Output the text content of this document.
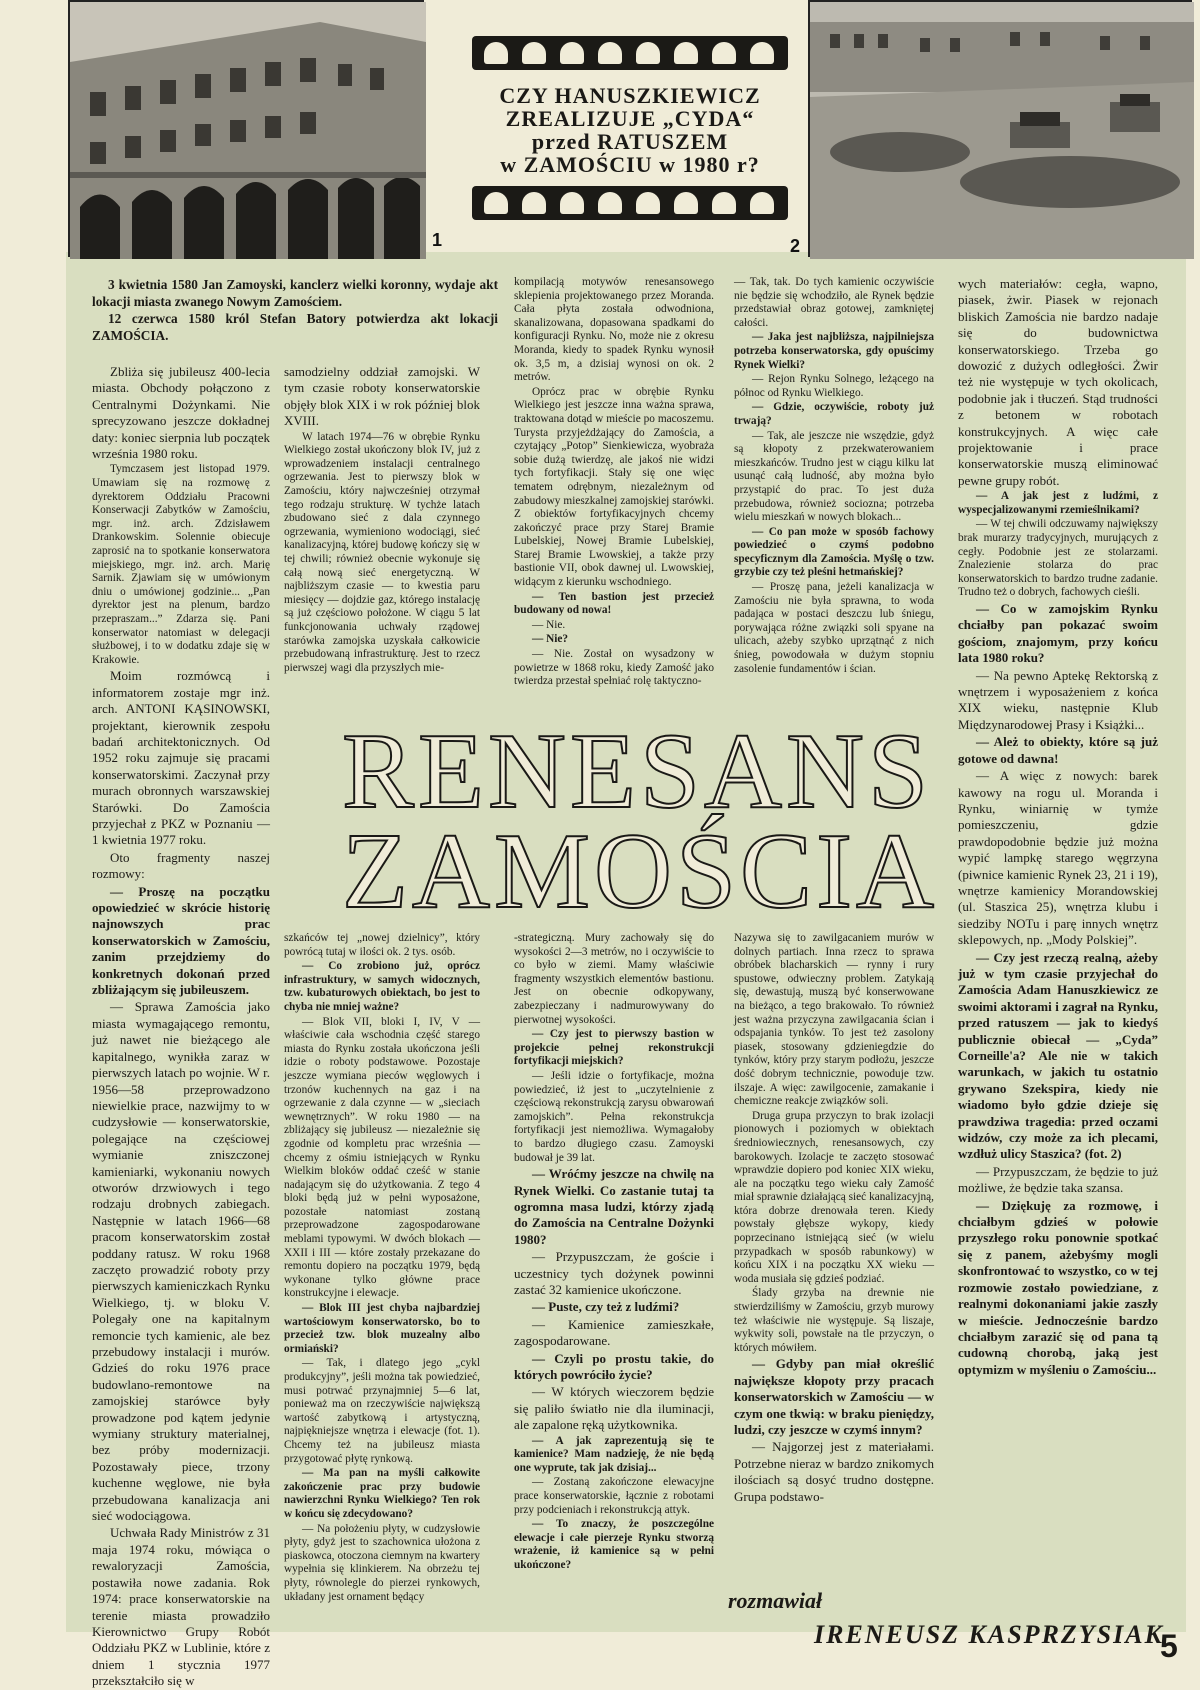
1	2
CZY HANUSZKIEWICZ
ZREALIZUJE „CYDA“
przed RATUSZEM
w ZAMOŚCIU w 1980 r?

3 kwietnia 1580 Jan Zamoyski, kanclerz wielki koronny, wydaje akt lokacji miasta zwanego Nowym Zamościem.

12 czerwca 1580 król Stefan Batory potwierdza akt lokacji ZAMOŚCIA.

Zbliża się jubileusz 400-lecia miasta. Obchody połączono z Centralnymi Dożynkami. Nie sprecyzowano jeszcze dokładnej daty: koniec sierpnia lub początek września 1980 roku.

Tymczasem jest listopad 1979. Umawiam się na rozmowę z dyrektorem Oddziału Pracowni Konserwacji Zabytków w Zamościu, mgr. inż. arch. Zdzisławem Drankowskim. Solennie obiecuje zaprosić na to spotkanie konserwatora miejskiego, mgr. inż. arch. Marię Sarnik. Zjawiam się w umówionym dniu o umówionej godzinie... „Pan dyrektor jest na plenum, bardzo przepraszam...” Zdarza się. Pani konserwator natomiast w delegacji służbowej, i to w dodatku zdaje się w Krakowie.

Moim rozmówcą i informatorem zostaje mgr inż. arch. ANTONI KĄSINOWSKI, projektant, kierownik zespołu badań architektonicznych. Od 1952 roku zajmuje się pracami konserwatorskimi. Zaczynał przy murach obronnych warszawskiej Starówki. Do Zamościa przyjechał z PKZ w Poznaniu — 1 kwietnia 1977 roku.

Oto fragmenty naszej rozmowy:

— Proszę na początku opowiedzieć w skrócie historię najnowszych prac konserwatorskich w Zamościu, zanim przejdziemy do konkretnych dokonań przed zbliżającym się jubileuszem.

— Sprawa Zamościa jako miasta wymagającego remontu, już nawet nie bieżącego ale kapitalnego, wynikła zaraz w pierwszych latach po wojnie. W r. 1956—58 przeprowadzono niewielkie prace, nazwijmy to w cudzysłowie — konserwatorskie, polegające na częściowej wymianie zniszczonej kamieniarki, wykonaniu nowych otworów drzwiowych i tego rodzaju drobnych zabiegach. Następnie w latach 1966—68 pracom konserwatorskim został poddany ratusz. W roku 1968 zaczęto prowadzić roboty przy pierwszych kamieniczkach Rynku Wielkiego, tj. w bloku V. Polegały one na kapitalnym remoncie tych kamienic, ale bez przebudowy instalacji i murów. Gdzieś do roku 1976 prace budowlano-remontowe na zamojskiej starówce były prowadzone pod kątem jedynie wymiany struktury materialnej, bez próby modernizacji. Pozostawały piece, trzony kuchenne węglowe, nie była przebudowana kanalizacja ani sieć wodociągowa.

Uchwała Rady Ministrów z 31 maja 1974 roku, mówiąca o rewaloryzacji Zamościa, postawiła nowe zadania. Rok 1974: prace konserwatorskie na terenie miasta prowadziło Kierownictwo Grupy Robót Oddziału PKZ w Lublinie, które z dniem 1 stycznia 1977 przekształciło się w

samodzielny oddział zamojski. W tym czasie roboty konserwatorskie objęły blok XIX i w rok później blok XVIII.

W latach 1974—76 w obrębie Rynku Wielkiego został ukończony blok IV, już z wprowadzeniem instalacji centralnego ogrzewania. Jest to pierwszy blok w Zamościu, który najwcześniej otrzymał tego rodzaju strukturę. W tychże latach zbudowano sieć z dala czynnego ogrzewania, wymieniono wodociągi, sieć kanalizacyjną, której budowę kończy się w tej chwili; również obecnie wykonuje się całą nową sieć energetyczną. W najbliższym czasie — to kwestia paru miesięcy — dojdzie gaz, którego instalację są już częściowo położone. W ciągu 5 lat funkcjonowania uchwały rządowej starówka zamojska uzyskała całkowicie przebudowaną infrastrukturę. Jest to rzecz pierwszej wagi dla przyszłych mie-

szkańców tej „nowej dzielnicy”, który powrócą tutaj w ilości ok. 2 tys. osób.

— Co zrobiono już, oprócz infrastruktury, w samych widocznych, tzw. kubaturowych obiektach, bo jest to chyba nie mniej ważne?

— Blok VII, bloki I, IV, V — właściwie cała wschodnia część starego miasta do Rynku została ukończona jeśli idzie o roboty podstawowe. Pozostaje jeszcze wymiana pieców węglowych i trzonów kuchennych na gaz i na ogrzewanie z dala czynne — w „sieciach wewnętrznych”. W roku 1980 — na zbliżający się jubileusz — niezależnie się zgodnie od kompletu prac września — chcemy z ośmiu istniejących w Rynku Wielkim bloków oddać cześć w stanie nadającym się do użytkowania. Z tego 4 bloki będą już w pełni wyposażone, pozostałe natomiast zostaną przeprowadzone zagospodarowane meblami typowymi. W dwóch blokach — XXII i III — które zostały przekazane do remontu dopiero na początku 1979, będą wykonane tylko główne prace konstrukcyjne i elewacje.

— Blok III jest chyba najbardziej wartościowym konserwatorsko, bo to przecież tzw. blok muzealny albo ormiański?

— Tak, i dlatego jego „cykl produkcyjny”, jeśli można tak powiedzieć, musi potrwać przynajmniej 5—6 lat, ponieważ ma on rzeczywiście największą wartość zabytkową i artystyczną, najpiękniejsze wnętrza i elewacje (fot. 1). Chcemy też na jubileusz miasta przygotować płytę rynkową.

— Ma pan na myśli całkowite zakończenie prac przy budowie nawierzchni Rynku Wielkiego? Ten rok w końcu się zdecydowano?

— Na położeniu płyty, w cudzysłowie płyty, gdyż jest to szachownica ułożona z piaskowca, otoczona ciemnym na kwartery wypełnia się klinkierem. Na obrzeżu tej płyty, równolegle do pierzei rynkowych, układany jest ornament będący

kompilacją motywów renesansowego sklepienia projektowanego przez Moranda. Cała płyta została odwodniona, skanalizowana, dopasowana spadkami do konfiguracji Rynku. No, może nie z okresu Moranda, kiedy to spadek Rynku wynosił ok. 3,5 m, a dzisiaj wynosi on ok. 2 metrów.

Oprócz prac w obrębie Rynku Wielkiego jest jeszcze inna ważna sprawa, traktowana dotąd w mieście po macoszemu. Turysta przyjeżdżający do Zamościa, a czytający „Potop” Sienkiewicza, wyobraża sobie dużą twierdzę, ale jakoś nie widzi tych fortyfikacji. Stały się one więc tematem odrębnym, niezależnym od zabudowy mieszkalnej zamojskiej starówki. Z obiektów fortyfikacyjnych chcemy zakończyć prace przy Starej Bramie Lubelskiej, Nowej Bramie Lubelskiej, Starej Bramie Lwowskiej, a także przy bastionie VII, obok dawnej ul. Lwowskiej, widącym z kierunku wschodniego.

— Ten bastion jest przecież budowany od nowa!

— Nie.

— Nie?

— Nie. Został on wysadzony w powietrze w 1868 roku, kiedy Zamość jako twierdza przestał spełniać rolę taktyczno-

-strategiczną. Mury zachowały się do wysokości 2—3 metrów, no i oczywiście to co było w ziemi. Mamy właściwie fragmenty wszystkich elementów bastionu. Jest on obecnie odkopywany, zabezpieczany i nadmurowywany do pierwotnej wysokości.

— Czy jest to pierwszy bastion w projekcie pełnej rekonstrukcji fortyfikacji miejskich?

— Jeśli idzie o fortyfikacje, można powiedzieć, iż jest to „uczytelnienie z częściową rekonstrukcją zarysu obwarowań zamojskich”. Pełna rekonstrukcja fortyfikacji jest niemożliwa. Wymagałoby to bardzo długiego czasu. Zamoyski budował je 39 lat.

— Wróćmy jeszcze na chwilę na Rynek Wielki. Co zastanie tutaj ta ogromna masa ludzi, którzy zjadą do Zamościa na Centralne Dożynki 1980?

— Przypuszczam, że goście i uczestnicy tych dożynek powinni zastać 32 kamienice ukończone.

— Puste, czy też z ludźmi?

— Kamienice zamieszkałe, zagospodarowane.

— Czyli po prostu takie, do których powróciło życie?

— W których wieczorem będzie się paliło światło nie dla iluminacji, ale zapalone ręką użytkownika.

— A jak zaprezentują się te kamienice? Mam nadzieję, że nie będą one wyprute, tak jak dzisiaj...

— Zostaną zakończone elewacyjne prace konserwatorskie, łącznie z robotami przy podcieniach i rekonstrukcją attyk.

— To znaczy, że poszczególne elewacje i całe pierzeje Rynku stworzą wrażenie, iż kamienice są w pełni ukończone?

— Tak, tak. Do tych kamienic oczywiście nie będzie się wchodziło, ale Rynek będzie przedstawiał obraz gotowej, zamkniętej całości.

— Jaka jest najbliższa, najpilniejsza potrzeba konserwatorska, gdy opuścimy Rynek Wielki?

— Rejon Rynku Solnego, leżącego na północ od Rynku Wielkiego.

— Gdzie, oczywiście, roboty już trwają?

— Tak, ale jeszcze nie wszędzie, gdyż są kłopoty z przekwaterowaniem mieszkańców. Trudno jest w ciągu kilku lat usunąć całą ludność, aby można było przystąpić do prac. To jest duża przebudowa, również sociozna; potrzeba wielu mieszkań w nowych blokach...

— Co pan może w sposób fachowy powiedzieć o czymś podobno specyficznym dla Zamościa. Myślę o tzw. grzybie czy też pleśni hetmańskiej?

— Proszę pana, jeżeli kanalizacja w Zamościu nie była sprawna, to woda padająca w postaci deszczu lub śniegu, porywająca różne związki soli spyane na ulicach, ażeby szybko uprzątnąć z nich śnieg, powodowała w dużym stopniu zasolenie fundamentów i ścian.

Nazywa się to zawilgacaniem murów w dolnych partiach. Inna rzecz to sprawa obróbek blacharskich — rynny i rury spustowe, odwieczny problem. Zatykają się, dewastują, muszą być konserwowane na bieżąco, a tego brakowało. To również jest ważna przyczyna zawilgacania ścian i odspajania tynków. To jest też zasolony piasek, stosowany gdzieniegdzie do tynków, który przy starym podłożu, jeszcze dość dobrym technicznie, powoduje tzw. ilszaje. A więc: zawilgocenie, zamakanie i chemiczne reakcje związków soli.

Druga grupa przyczyn to brak izolacji pionowych i poziomych w obiektach średniowiecznych, renesansowych, czy barokowych. Izolacje te zaczęto stosować wprawdzie dopiero pod koniec XIX wieku, ale na początku tego wieku cały Zamość miał sprawnie działającą sieć kanalizacyjną, która dobrze drenowała teren. Kiedy powstały głębsze wykopy, kiedy poprzecinano istniejącą sieć (w wielu przypadkach w sposób rabunkowy) w końcu XIX i na początku XX wieku — woda musiała się gdzieś podziać.

Ślady grzyba na drewnie nie stwierdziliśmy w Zamościu, grzyb murowy też właściwie nie występuje. Są liszaje, wykwity soli, powstałe na tle przyczyn, o których mówiłem.

— Gdyby pan miał określić największe kłopoty przy pracach konserwatorskich w Zamościu — w czym one tkwią: w braku pieniędzy, ludzi, czy jeszcze w czymś innym?

— Najgorzej jest z materiałami. Potrzebne nieraz w bardzo znikomych ilościach są dosyć trudno dostępne. Grupa podstawo-

wych materiałów: cegła, wapno, piasek, żwir. Piasek w rejonach bliskich Zamościa nie bardzo nadaje się do budownictwa konserwatorskiego. Trzeba go dowozić z dużych odległości. Żwir też nie występuje w tych okolicach, podobnie jak i tłuczeń. Stąd trudności z betonem w robotach konstrukcyjnych. A więc całe projektowanie i prace konserwatorskie muszą eliminować pewne grupy robót.

— A jak jest z ludźmi, z wyspecjalizowanymi rzemieślnikami?

— W tej chwili odczuwamy największy brak murarzy tradycyjnych, murujących z cegły. Podobnie jest ze stolarzami. Znalezienie stolarza do prac konserwatorskich to bardzo trudne zadanie. Trudno też o dobrych, fachowych cieśli.

— Co w zamojskim Rynku chciałby pan pokazać swoim gościom, znajomym, przy końcu lata 1980 roku?

— Na pewno Aptekę Rektorską z wnętrzem i wyposażeniem z końca XIX wieku, następnie Klub Międzynarodowej Prasy i Książki...

— Ależ to obiekty, które są już gotowe od dawna!

— A więc z nowych: barek kawowy na rogu ul. Moranda i Rynku, winiarnię w tymże pomieszczeniu, gdzie prawdopodobnie będzie już można wypić lampkę starego węgrzyna (piwnice kamienic Rynek 23, 21 i 19), wnętrze kamienicy Morandowskiej (ul. Staszica 25), wnętrza klubu i siedziby NOTu i parę innych wnętrz sklepowych, np. „Mody Polskiej”.

— Czy jest rzeczą realną, ażeby już w tym czasie przyjechał do Zamościa Adam Hanuszkiewicz ze swoimi aktorami i zagrał na Rynku, przed ratuszem — jak to kiedyś publicznie obiecał — „Cyda” Corneille'a? Ale nie w takich warunkach, w jakich tu ostatnio grywano Szekspira, kiedy nie wiadomo było gdzie dzieje się prawdziwa tragedia: przed oczami widzów, czy może za ich plecami, wzdłuż ulicy Staszica? (fot. 2)

— Przypuszczam, że będzie to już możliwe, że będzie taka szansa.

— Dziękuję za rozmowę, i chciałbym gdzieś w połowie przyszłego roku ponownie spotkać się z panem, ażebyśmy mogli skonfrontować to wszystko, co w tej rozmowie zostało powiedziane, z realnymi dokonaniami jakie zaszły w mieście. Jednocześnie bardzo chciałbym zarazić się od pana tą cudowną chorobą, jaką jest optymizm w myśleniu o Zamościu...

RENESANS
ZAMOŚCIA
rozmawiał
IRENEUSZ KASPRZYSIAK
5
